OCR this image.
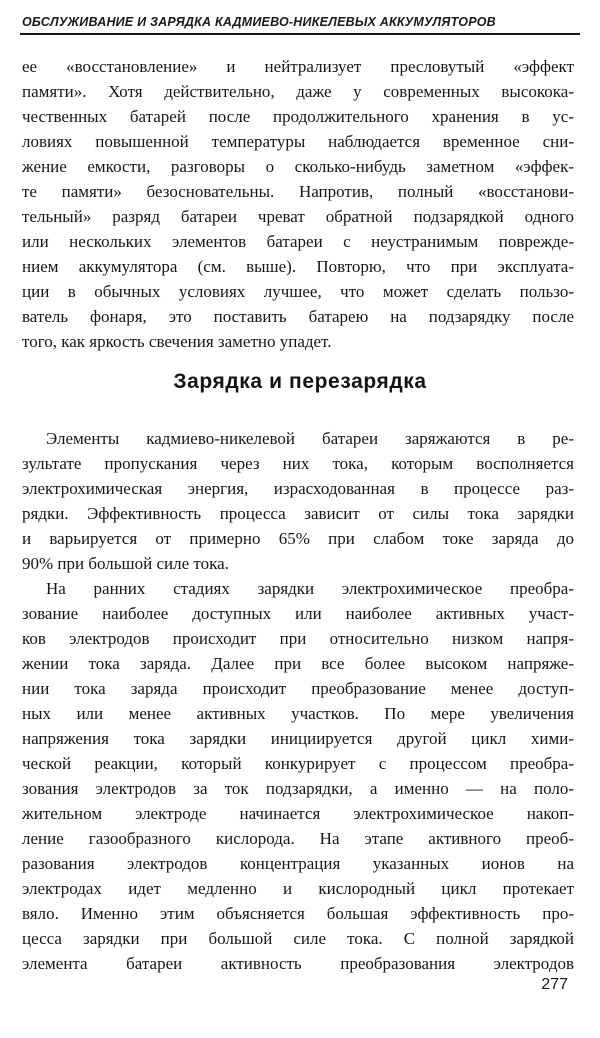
ОБСЛУЖИВАНИЕ И ЗАРЯДКА КАДМИЕВО-НИКЕЛЕВЫХ АККУМУЛЯТОРОВ
ее «восстановление» и нейтрализует пресловутый «эффект
памяти». Хотя действительно, даже у современных высокока-
чественных батарей после продолжительного хранения в ус-
ловиях повышенной температуры наблюдается временное сни-
жение емкости, разговоры о сколько-нибудь заметном «эффек-
те памяти» безосновательны. Напротив, полный «восстанови-
тельный» разряд батареи чреват обратной подзарядкой одного
или нескольких элементов батареи с неустранимым поврежде-
нием аккумулятора (см. выше). Повторю, что при эксплуата-
ции в обычных условиях лучшее, что может сделать пользо-
ватель фонаря, это поставить батарею на подзарядку после
того, как яркость свечения заметно упадет.
Элементы кадмиево-никелевой батареи заряжаются в ре-
зультате пропускания через них тока, которым восполняется
электрохимическая энергия, израсходованная в процессе раз-
рядки. Эффективность процесса зависит от силы тока зарядки
и варьируется от примерно 65% при слабом токе заряда до
90% при большой силе тока.
На ранних стадиях зарядки электрохимическое преобра-
зование наиболее доступных или наиболее активных участ-
ков электродов происходит при относительно низком напря-
жении тока заряда. Далее при все более высоком напряже-
нии тока заряда происходит преобразование менее доступ-
ных или менее активных участков. По мере увеличения
напряжения тока зарядки инициируется другой цикл хими-
ческой реакции, который конкурирует с процессом преобра-
зования электродов за ток подзарядки, а именно — на поло-
жительном электроде начинается электрохимическое накоп-
ление газообразного кислорода. На этапе активного преоб-
разования электродов концентрация указанных ионов на
электродах идет медленно и кислородный цикл протекает
вяло. Именно этим объясняется большая эффективность про-
цесса зарядки при большой силе тока. С полной зарядкой
элемента батареи активность преобразования электродов
Зарядка и перезарядка
277
